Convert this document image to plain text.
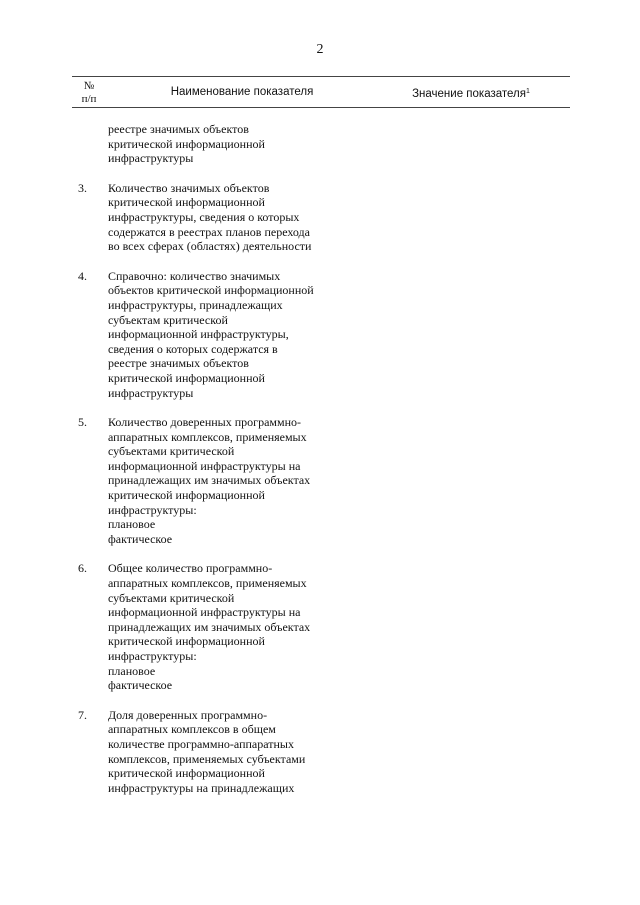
2
№
п/п
Наименование показателя	Значение показателя$^1$
реестре значимых объектов
критической информационной
инфраструктуры
3.	Количество значимых объектов
критической информационной
инфраструктуры, сведения о которых
содержатся в реестрах планов перехода
во всех сферах (областях) деятельности
4.	Справочно: количество значимых
объектов критической информационной
инфраструктуры, принадлежащих
субъектам критической
информационной инфраструктуры,
сведения о которых содержатся в
реестре значимых объектов
критической информационной
инфраструктуры
5.	Количество доверенных программно-
аппаратных комплексов, применяемых
субъектами критической
информационной инфраструктуры на
принадлежащих им значимых объектах
критической информационной
инфраструктуры:
плановое
фактическое
6.	Общее количество программно-
аппаратных комплексов, применяемых
субъектами критической
информационной инфраструктуры на
принадлежащих им значимых объектах
критической информационной
инфраструктуры:
плановое
фактическое
7.	Доля доверенных программно-
аппаратных комплексов в общем
количестве программно-аппаратных
комплексов, применяемых субъектами
критической информационной
инфраструктуры на принадлежащих
